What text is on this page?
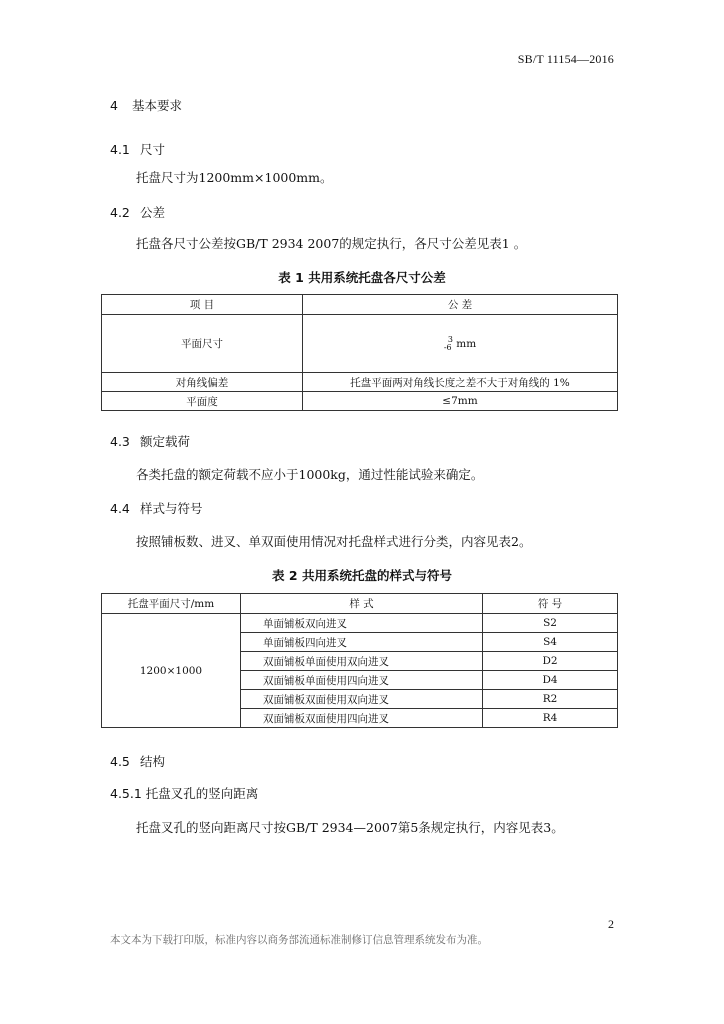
SB/T 11154—2016
4 基本要求
4.1 尺寸
托盘尺寸为1200mm×1000mm。
4.2 公差
托盘各尺寸公差按GB/T 2934 2007的规定执行，各尺寸公差见表1 。
表 1 共用系统托盘各尺寸公差
项 目	公 差
平面尺寸	3
-6 mm
对角线偏差	托盘平面两对角线长度之差不大于对角线的 1%
平面度	≤7mm
4.3 额定载荷
各类托盘的额定荷载不应小于1000kg，通过性能试验来确定。
4.4 样式与符号
按照铺板数、进叉、单双面使用情况对托盘样式进行分类，内容见表2。
表 2 共用系统托盘的样式与符号
托盘平面尺寸/mm	样 式	符 号
1200×1000	单面铺板双向进叉	S2
	单面铺板四向进叉	S4
	双面铺板单面使用双向进叉	D2
	双面铺板单面使用四向进叉	D4
	双面铺板双面使用双向进叉	R2
	双面铺板双面使用四向进叉	R4
4.5 结构
4.5.1 托盘叉孔的竖向距离
托盘叉孔的竖向距离尺寸按GB/T 2934—2007第5条规定执行，内容见表3。
2
本文本为下载打印版，标准内容以商务部流通标准制修订信息管理系统发布为准。
